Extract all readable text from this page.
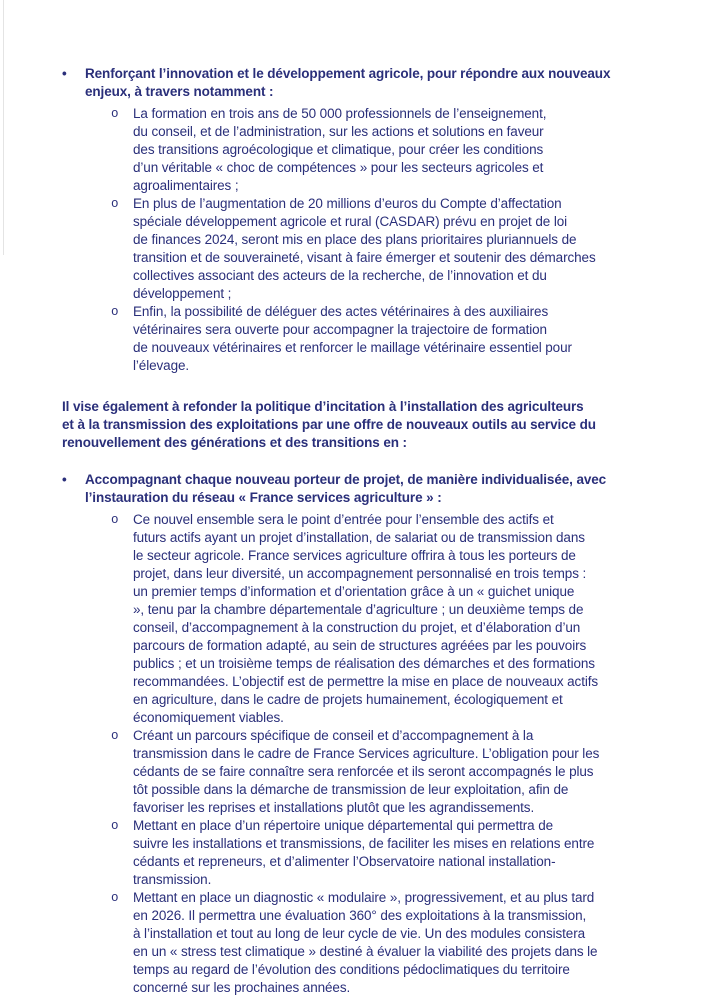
•	Renforçant l’innovation et le développement agricole, pour répondre aux nouveaux
enjeux, à travers notamment :
o	La formation en trois ans de 50 000 professionnels de l’enseignement,
du conseil, et de l’administration, sur les actions et solutions en faveur
des transitions agroécologique et climatique, pour créer les conditions
d’un véritable « choc de compétences » pour les secteurs agricoles et
agroalimentaires ;
o	En plus de l’augmentation de 20 millions d’euros du Compte d’affectation
spéciale développement agricole et rural (CASDAR) prévu en projet de loi
de finances 2024, seront mis en place des plans prioritaires pluriannuels de
transition et de souveraineté, visant à faire émerger et soutenir des démarches
collectives associant des acteurs de la recherche, de l’innovation et du
développement ;
o	Enfin, la possibilité de déléguer des actes vétérinaires à des auxiliaires
vétérinaires sera ouverte pour accompagner la trajectoire de formation
de nouveaux vétérinaires et renforcer le maillage vétérinaire essentiel pour
l’élevage.
Il vise également à refonder la politique d’incitation à l’installation des agriculteurs
et à la transmission des exploitations par une offre de nouveaux outils au service du
renouvellement des générations et des transitions en :
•	Accompagnant chaque nouveau porteur de projet, de manière individualisée, avec
l’instauration du réseau « France services agriculture » :
o	Ce nouvel ensemble sera le point d’entrée pour l’ensemble des actifs et
futurs actifs ayant un projet d’installation, de salariat ou de transmission dans
le secteur agricole. France services agriculture offrira à tous les porteurs de
projet, dans leur diversité, un accompagnement personnalisé en trois temps :
un premier temps d’information et d’orientation grâce à un « guichet unique
», tenu par la chambre départementale d’agriculture ; un deuxième temps de
conseil, d’accompagnement à la construction du projet, et d’élaboration d’un
parcours de formation adapté, au sein de structures agréées par les pouvoirs
publics ; et un troisième temps de réalisation des démarches et des formations
recommandées. L’objectif est de permettre la mise en place de nouveaux actifs
en agriculture, dans le cadre de projets humainement, écologiquement et
économiquement viables.
o	Créant un parcours spécifique de conseil et d’accompagnement à la
transmission dans le cadre de France Services agriculture. L’obligation pour les
cédants de se faire connaître sera renforcée et ils seront accompagnés le plus
tôt possible dans la démarche de transmission de leur exploitation, afin de
favoriser les reprises et installations plutôt que les agrandissements.
o	Mettant en place d’un répertoire unique départemental qui permettra de
suivre les installations et transmissions, de faciliter les mises en relations entre
cédants et repreneurs, et d’alimenter l’Observatoire national installation-
transmission.
o	Mettant en place un diagnostic « modulaire », progressivement, et au plus tard
en 2026. Il permettra une évaluation 360° des exploitations à la transmission,
à l’installation et tout au long de leur cycle de vie. Un des modules consistera
en un « stress test climatique » destiné à évaluer la viabilité des projets dans le
temps au regard de l’évolution des conditions pédoclimatiques du territoire
concerné sur les prochaines années.
